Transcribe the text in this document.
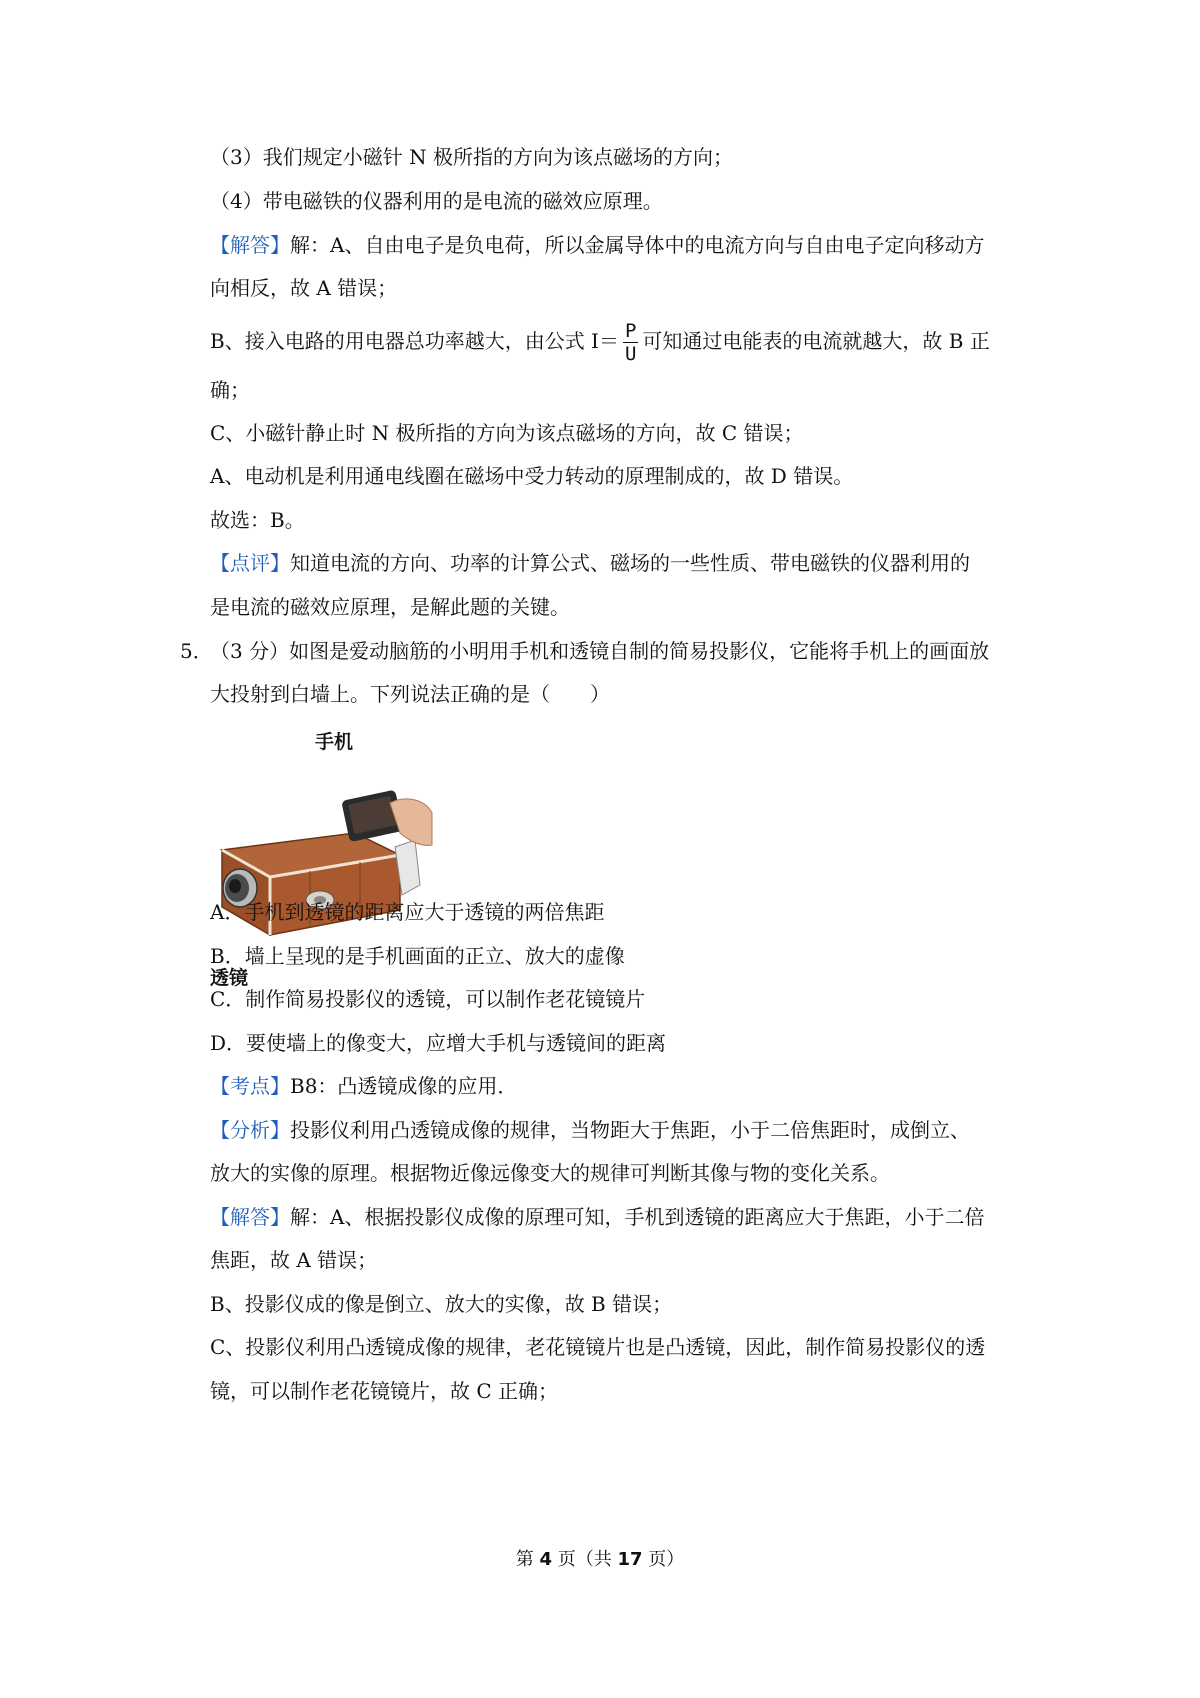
（3）我们规定小磁针 N 极所指的方向为该点磁场的方向；
（4）带电磁铁的仪器利用的是电流的磁效应原理。
【解答】解：A、自由电子是负电荷，所以金属导体中的电流方向与自由电子定向移动方
向相反，故 A 错误；
B、接入电路的用电器总功率越大，由公式 $I= \frac{P}{U}$ 可知通过电能表的电流就越大，故 B 正
确；
C、小磁针静止时 N 极所指的方向为该点磁场的方向，故 C 错误；
A、电动机是利用通电线圈在磁场中受力转动的原理制成的，故 D 错误。
故选：B。
【点评】知道电流的方向、功率的计算公式、磁场的一些性质、带电磁铁的仪器利用的
是电流的磁效应原理，是解此题的关键。
5．
（3 分）如图是爱动脑筋的小明用手机和透镜自制的简易投影仪，它能将手机上的画面放
大投射到白墙上。下列说法正确的是（　　）
手机
透镜
A．手机到透镜的距离应大于透镜的两倍焦距
B．墙上呈现的是手机画面的正立、放大的虚像
C．制作简易投影仪的透镜，可以制作老花镜镜片
D．要使墙上的像变大，应增大手机与透镜间的距离
【考点】B8：凸透镜成像的应用．
【分析】投影仪利用凸透镜成像的规律，当物距大于焦距，小于二倍焦距时，成倒立、
放大的实像的原理。根据物近像远像变大的规律可判断其像与物的变化关系。
【解答】解：A、根据投影仪成像的原理可知，手机到透镜的距离应大于焦距，小于二倍
焦距，故 A 错误；
B、投影仪成的像是倒立、放大的实像，故 B 错误；
C、投影仪利用凸透镜成像的规律，老花镜镜片也是凸透镜，因此，制作简易投影仪的透
镜，可以制作老花镜镜片，故 C 正确；
第 4 页（共 17 页）
